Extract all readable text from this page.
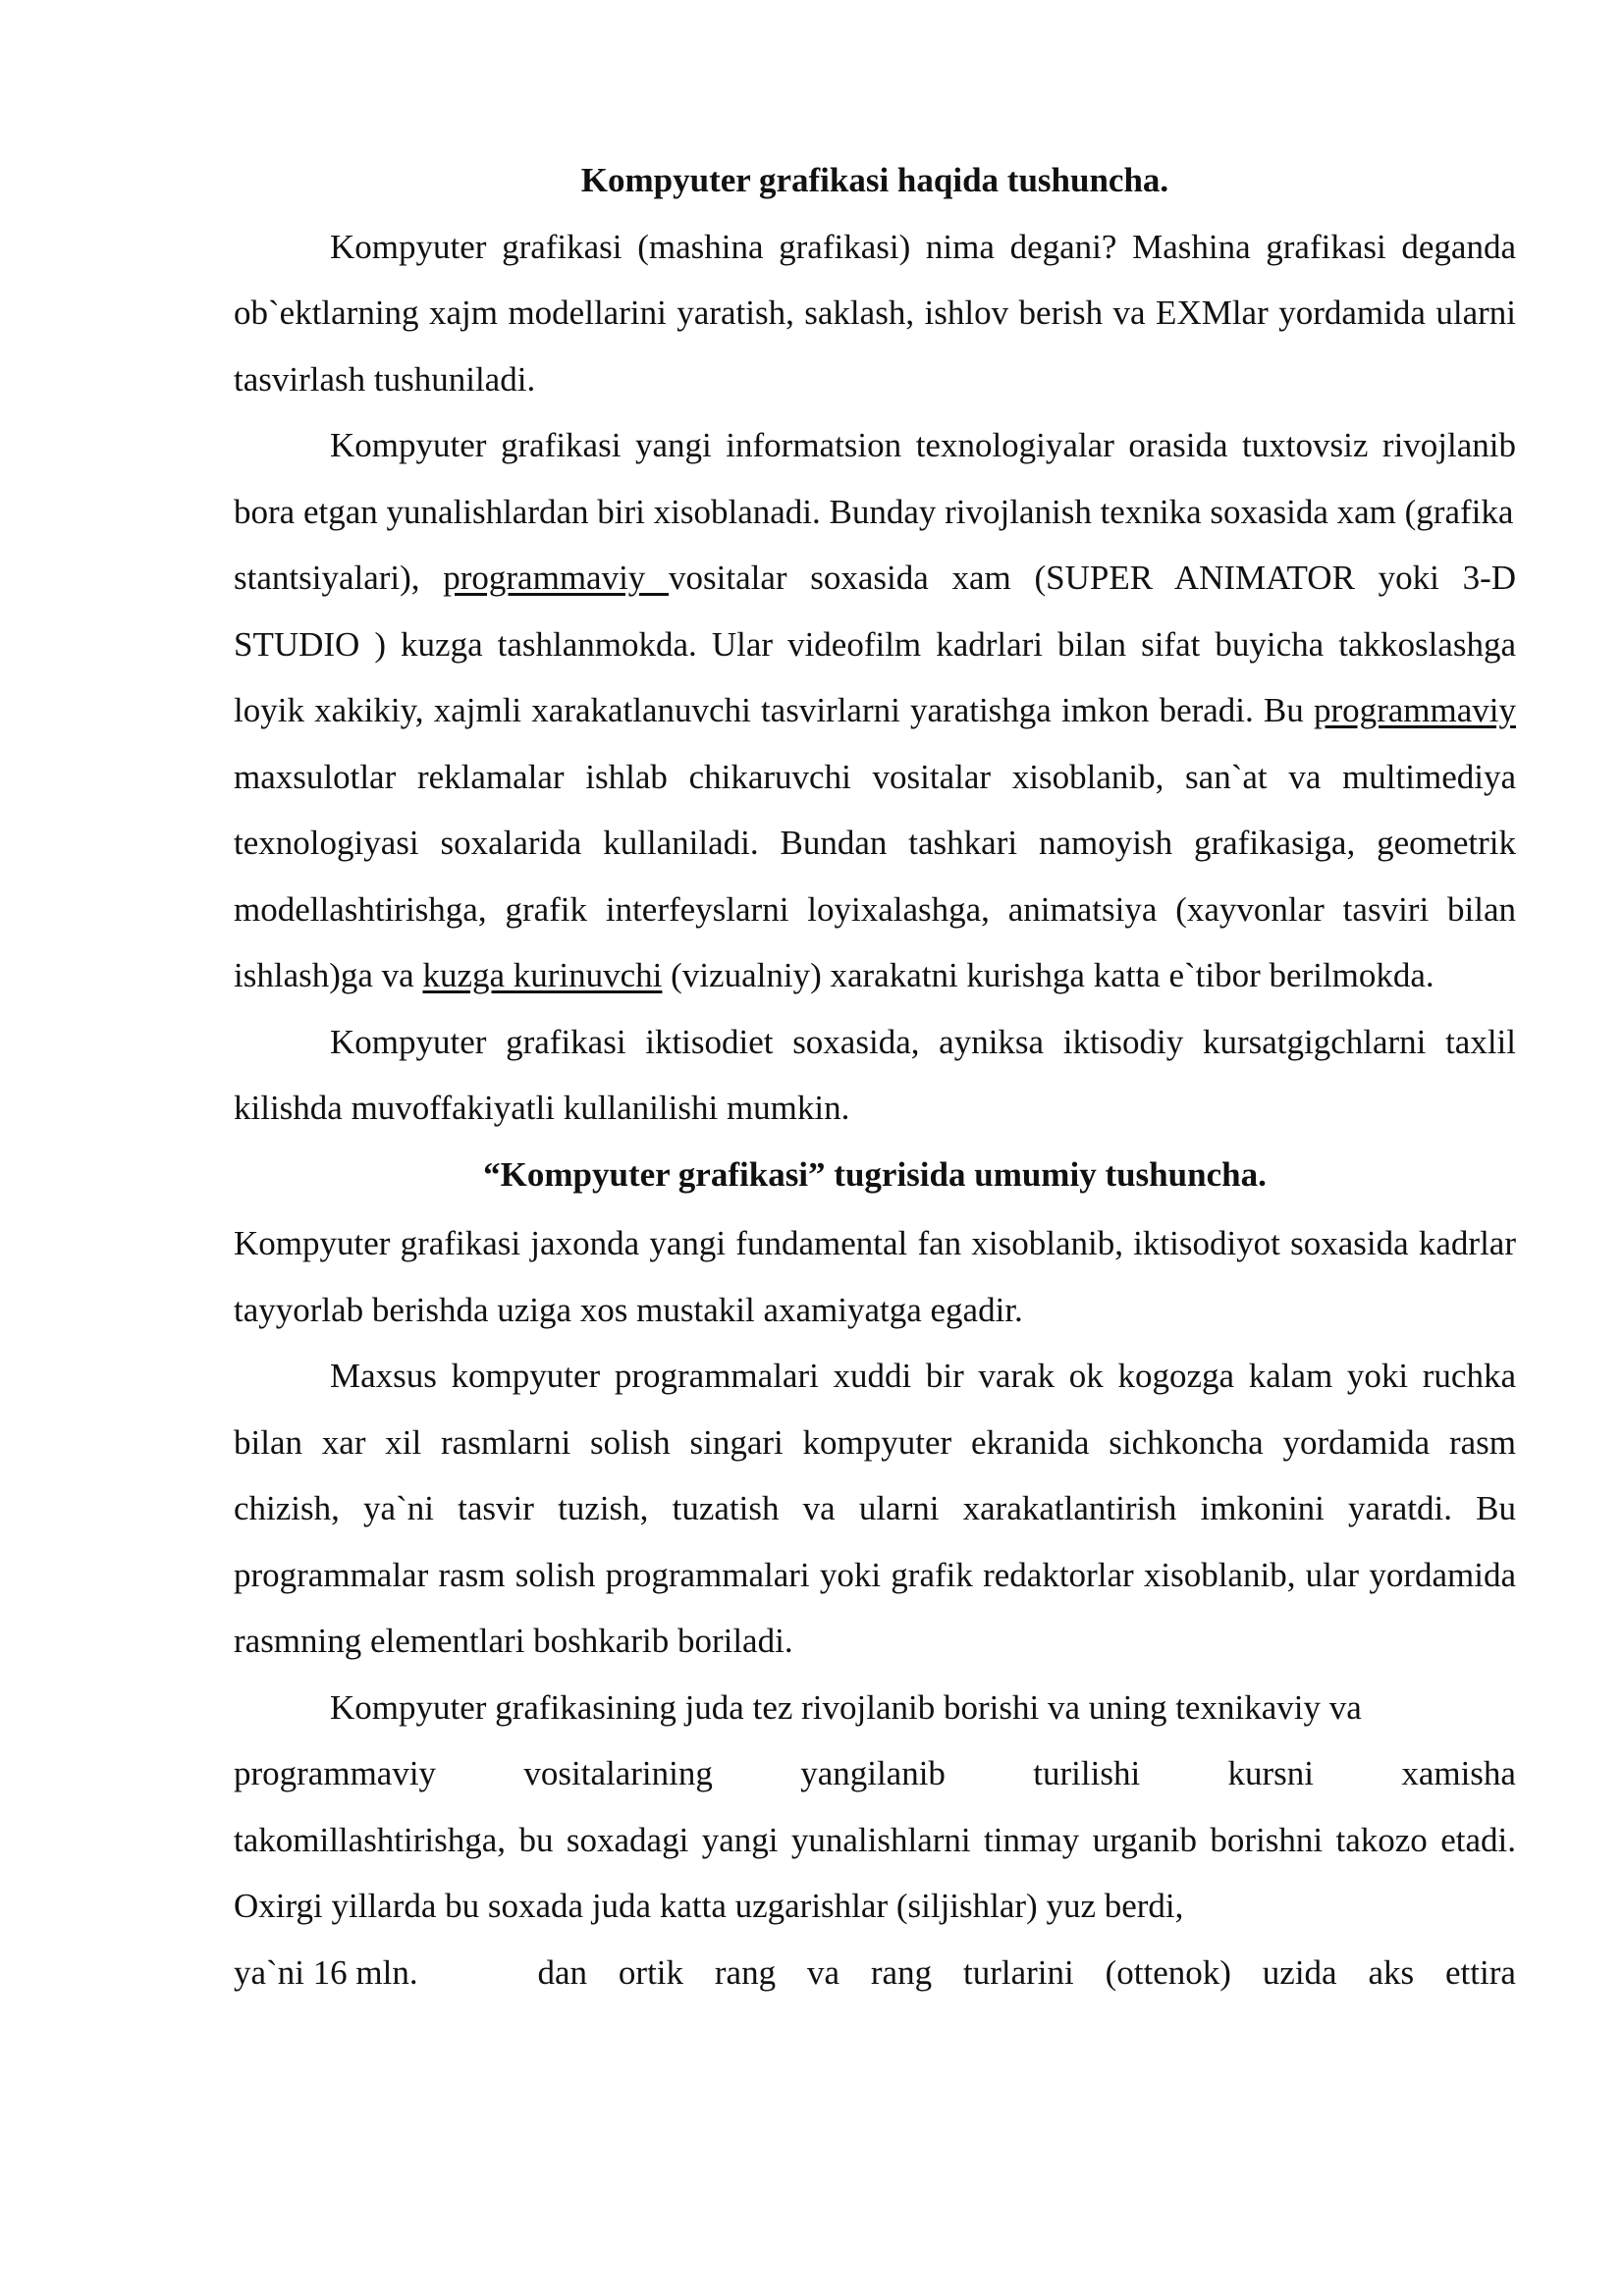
Kompyuter grafikasi haqida tushuncha.

Kompyuter grafikasi (mashina grafikasi) nima degani? Mashina grafikasi deganda ob`ektlarning xajm modellarini yaratish, saklash, ishlov berish va EXMlar yordamida ularni tasvirlash tushuniladi.

Kompyuter grafikasi yangi informatsion texnologiyalar orasida tuxtovsiz rivojlanib bora etgan yunalishlardan biri xisoblanadi. Bunday rivojlanish texnika soxasida xam (grafika

stantsiyalari), programmaviy vositalar soxasida xam (SUPER ANIMATOR yoki 3-D STUDIO ) kuzga tashlanmokda. Ular videofilm kadrlari bilan sifat buyicha takkoslashga loyik xakikiy, xajmli xarakatlanuvchi tasvirlarni yaratishga imkon beradi. Bu programmaviy maxsulotlar reklamalar ishlab chikaruvchi vositalar xisoblanib, san`at va multimediya texnologiyasi soxalarida kullaniladi. Bundan tashkari namoyish grafikasiga, geometrik modellashtirishga, grafik interfeyslarni loyixalashga, animatsiya (xayvonlar tasviri bilan ishlash)ga va kuzga kurinuvchi (vizualniy) xarakatni kurishga katta e`tibor berilmokda.

Kompyuter grafikasi iktisodiet soxasida, ayniksa iktisodiy kursatgigchlarni taxlil kilishda muvoffakiyatli kullanilishi mumkin.

“Kompyuter grafikasi” tugrisida umumiy tushuncha.

Kompyuter grafikasi jaxonda yangi fundamental fan xisoblanib, iktisodiyot soxasida kadrlar tayyorlab berishda uziga xos mustakil axamiyatga egadir.

Maxsus kompyuter programmalari xuddi bir varak ok kogozga kalam yoki ruchka bilan xar xil rasmlarni solish singari kompyuter ekranida sichkoncha yordamida rasm chizish, ya`ni tasvir tuzish, tuzatish va ularni xarakatlantirish imkonini yaratdi. Bu programmalar rasm solish programmalari yoki grafik redaktorlar xisoblanib, ular yordamida rasmning elementlari boshkarib boriladi.

Kompyuter grafikasining juda tez rivojlanib borishi va uning texnikaviy va

programmaviy	vositalarining	yangilanib	turilishi	kursni	xamisha

takomillashtirishga, bu soxadagi yangi yunalishlarni tinmay urganib borishni takozo etadi. Oxirgi yillarda bu soxada juda katta uzgarishlar (siljishlar) yuz berdi,

ya`ni 16 mln.	dan ortik rang va rang turlarini (ottenok) uzida aks ettira
